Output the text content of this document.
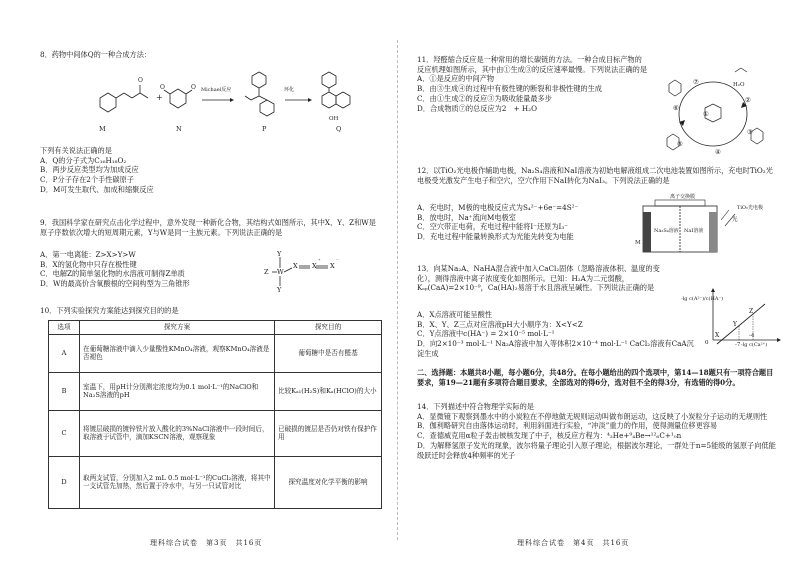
8．药物中间体Q的一种合成方法：

O
+
O	O
M	N	P	Q
Michael反应	环化
OH

下列有关说法正确的是

A．Q的分子式为C₁₆H₁₈O₂

B．两步反应类型均为加成反应

C．P分子存在2个手性碳原子

D．M可发生取代、加成和缩聚反应

9．我国科学家在研究点击化学过程中，意外发现一种新化合物，其结构式如图所示，其中X、Y、Z和W是原子序数依次增大的短周期元素，Y与W是同一主族元素。下列说法正确的是

A．第一电离能：Z>X>Y>W

B．X的氢化物中只存在极性键

C．电解Z的简单氢化物的水溶液可制得Z单质

D．W的最高价含氧酸根的空间构型为三角锥形

Y
Y
Z W
X X X
⁺	⁻

10．下列实验探究方案能达到探究目的的是

选项	探究方案	探究目的
A	在葡萄糖溶液中滴入少量酸性KMnO₄溶液，观察KMnO₄溶液是否褪色	葡萄糖中是否有醛基
B	室温下，用pH计分别测定浓度均为0.1 mol·L⁻¹的NaClO和Na₂S溶液的pH	比较Kₐ₁(H₂S)和Kₐ(HClO)的大小
C	将镀层破损的镀锌铁片放入酸化的3%NaCl溶液中一段时间后，取溶液于试管中，滴加KSCN溶液，观察现象	已破损的镀层是否仍对铁有保护作用
D	取两支试管，分别加入2 mL 0.5 mol·L⁻¹的CuCl₂溶液，将其中一支试管先加热，然后置于冷水中，与另一只试管对比	探究温度对化学平衡的影响
理科综合试卷　第3页　共16页

11．羟醛缩合反应是一种常用的增长碳链的方法。一种合成目标产物的反应机理如图所示，其中由①生成③的反应速率最慢。下列说法正确的是

A．①是反应的中间产物

B．由③生成④的过程中有极性键的断裂和非极性键的生成

C．由①生成②的反应③为吸收能量最多步

D．合成物质⑦的总反应为2　 + H₂O

①
②
③
④
⑤
⑥
⑦	H₂O

12．以TiO₂光电极作辅助电极，Na₂S₄溶液和NaI溶液为初始电解液组成二次电池装置如图所示，充电时TiO₂光电极受光激发产生电子和空穴，空穴作用下NaI转化为NaI₃。下列说法正确的是

A．充电时，M极的电极反应式为S₄²⁻+6e⁻=4S²⁻

B．放电时，Na⁺流向M电极室

C．空穴带正电荷，充电过程中能将I⁻还原为I₃⁻

D．充电过程中能量转换形式为光能先转变为电能

离子交换膜
TiO₂光电极
Na₂S₄溶液 NaI溶液
M
光

13．向某Na₂A、NaHA混合液中加入CaCl₂固体（忽略溶液体积、温度的变化），测得溶液中离子浓度变化如图所示。已知：H₂A为二元弱酸，Kₛₚ(CaA)=2×10⁻⁹，Ca(HA)₂易溶于水且溶液呈碱性。下列说法正确的是

A．X点溶液可能呈酸性

B．X、Y、Z三点对应溶液pH大小顺序为：X<Y<Z

C．Y点溶液中c(HA⁻) = 2×10⁻⁵ mol·L⁻¹

D．向2×10⁻³ mol·L⁻¹ Na₂A溶液中加入等体积2×10⁻⁴ mol·L⁻¹ CaCl₂溶液有CaA沉淀生成

-lg c(A²⁻)/c(HA⁻)
-lg c(Ca²⁺)
-7
-4
X
Y
Z
0

二、选择题：本题共8小题，每小题6分，共48分。在每小题给出的四个选项中，第14—18题只有一项符合题目要求，第19—21题有多项符合题目要求，全部选对的得6分，选对但不全的得3分，有选错的得0分。

14．下列描述中符合物理学实际的是

A．显微镜下观察到墨水中的小炭粒在不停地做无规则运动叫做布朗运动，这反映了小炭粒分子运动的无规则性

B．伽利略研究自由落体运动时，利用斜面进行实验，“冲淡”重力的作用，使得测量位移更容易

C．查德威克用α粒子轰击铍核发现了中子，核反应方程为：⁴₂He+⁹₄Be→¹²₆C+¹₀n

D．为解释氢原子发光的现象，波尔将量子理论引入原子理论，根据波尔理论，一群处于n=5能级的氢原子向低能级跃迁时会释放4种频率的光子

理科综合试卷　第4页　共16页
